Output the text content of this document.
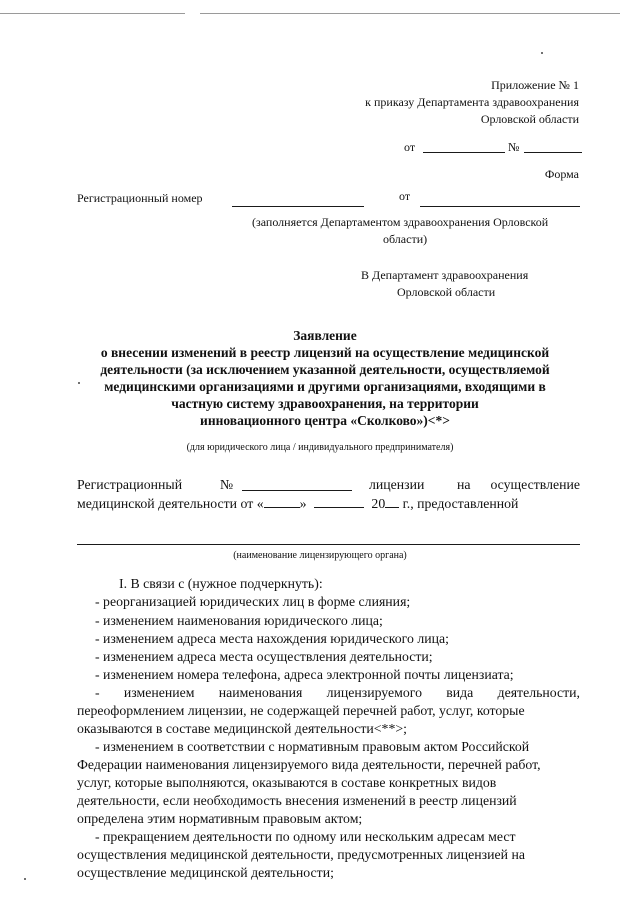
Приложение № 1
к приказу Департамента здравоохранения
Орловской области
от	№
Форма
Регистрационный номер	от
(заполняется Департаментом здравоохранения Орловской
области)
В Департамент здравоохранения
Орловской области
Заявление
о внесении изменений в реестр лицензий на осуществление медицинской
деятельности (за исключением указанной деятельности, осуществляемой
медицинскими организациями и другими организациями, входящими в
частную систему здравоохранения, на территории
инновационного центра «Сколково»)<*>
(для юридического лица / индивидуального предпринимателя)
Регистрационный	№	лицензии на осуществление
медицинской деятельности от «	»	20 г., предоставленной
(наименование лицензирующего органа)
I. В связи с (нужное подчеркнуть):
- реорганизацией юридических лиц в форме слияния;
- изменением наименования юридического лица;
- изменением адреса места нахождения юридического лица;
- изменением адреса места осуществления деятельности;
- изменением номера телефона, адреса электронной почты лицензиата;
-    изменением    наименования    лицензируемого    вида    деятельности,
переоформлением лицензии, не содержащей перечней работ, услуг, которые
оказываются в составе медицинской деятельности<**>;
- изменением в соответствии с нормативным правовым актом Российской
Федерации наименования лицензируемого вида деятельности, перечней работ,
услуг, которые выполняются, оказываются в составе конкретных видов
деятельности, если необходимость внесения изменений в реестр лицензий
определена этим нормативным правовым актом;
- прекращением деятельности по одному или нескольким адресам мест
осуществления медицинской деятельности, предусмотренных лицензией на
осуществление медицинской деятельности;
